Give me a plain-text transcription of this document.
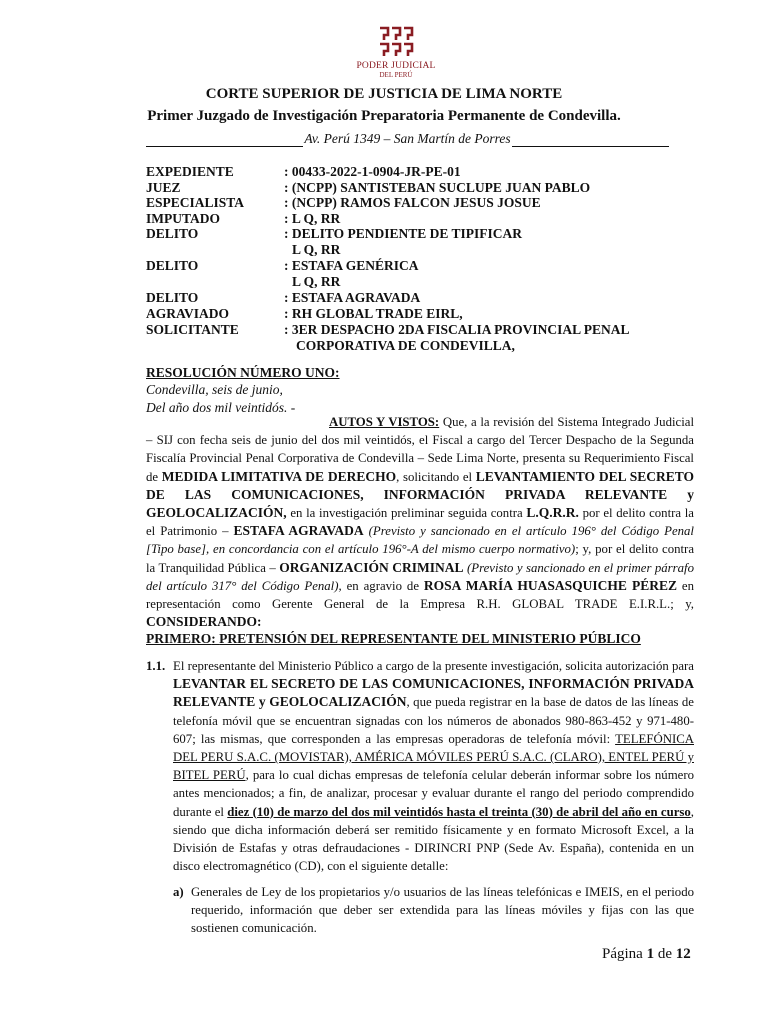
PODER JUDICIAL
DEL PERÚ
CORTE SUPERIOR DE JUSTICIA DE LIMA NORTE
Primer Juzgado de Investigación Preparatoria Permanente de Condevilla.
Av. Perú 1349 – San Martín de Porres
EXPEDIENTE	: 00433-2022-1-0904-JR-PE-01
JUEZ	: (NCPP) SANTISTEBAN SUCLUPE JUAN PABLO
ESPECIALISTA	: (NCPP) RAMOS FALCON JESUS JOSUE
IMPUTADO	: L Q, RR
DELITO	: DELITO PENDIENTE DE TIPIFICAR
L Q, RR
DELITO	: ESTAFA GENÉRICA
L Q, RR
DELITO	: ESTAFA AGRAVADA
AGRAVIADO	: RH GLOBAL TRADE EIRL,
SOLICITANTE	: 3ER DESPACHO 2DA FISCALIA PROVINCIAL PENAL
CORPORATIVA DE CONDEVILLA,
RESOLUCIÓN NÚMERO UNO:
Condevilla, seis de junio,
Del año dos mil veintidós. -

AUTOS Y VISTOS: Que, a la revisión del Sistema Integrado Judicial – SIJ con fecha seis de junio del dos mil veintidós, el Fiscal a cargo del Tercer Despacho de la Segunda Fiscalía Provincial Penal Corporativa de Condevilla – Sede Lima Norte, presenta su Requerimiento Fiscal de MEDIDA LIMITATIVA DE DERECHO, solicitando el LEVANTAMIENTO DEL SECRETO DE LAS COMUNICACIONES, INFORMACIÓN PRIVADA RELEVANTE y GEOLOCALIZACIÓN, en la investigación preliminar seguida contra L.Q.R.R. por el delito contra la el Patrimonio – ESTAFA AGRAVADA (Previsto y sancionado en el artículo 196° del Código Penal [Tipo base], en concordancia con el artículo 196°-A del mismo cuerpo normativo); y, por el delito contra la Tranquilidad Pública – ORGANIZACIÓN CRIMINAL (Previsto y sancionado en el primer párrafo del artículo 317° del Código Penal), en agravio de ROSA MARÍA HUASASQUICHE PÉREZ en representación como Gerente General de la Empresa R.H. GLOBAL TRADE E.I.R.L.; y, CONSIDERANDO:

PRIMERO: PRETENSIÓN DEL REPRESENTANTE DEL MINISTERIO PÚBLICO
1.1. El representante del Ministerio Público a cargo de la presente investigación, solicita autorización para LEVANTAR EL SECRETO DE LAS COMUNICACIONES, INFORMACIÓN PRIVADA RELEVANTE y GEOLOCALIZACIÓN, que pueda registrar en la base de datos de las líneas de telefonía móvil que se encuentran signadas con los números de abonados 980-863-452 y 971-480-607; las mismas, que corresponden a las empresas operadoras de telefonía móvil: TELEFÓNICA DEL PERU S.A.C. (MOVISTAR), AMÉRICA MÓVILES PERÚ S.A.C. (CLARO), ENTEL PERÚ y BITEL PERÚ, para lo cual dichas empresas de telefonía celular deberán informar sobre los número antes mencionados; a fin, de analizar, procesar y evaluar durante el rango del periodo comprendido durante el diez (10) de marzo del dos mil veintidós hasta el treinta (30) de abril del año en curso, siendo que dicha información deberá ser remitido físicamente y en formato Microsoft Excel, a la División de Estafas y otras defraudaciones - DIRINCRI PNP (Sede Av. España), contenida en un disco electromagnético (CD), con el siguiente detalle:
a) Generales de Ley de los propietarios y/o usuarios de las líneas telefónicas e IMEIS, en el periodo requerido, información que deber ser extendida para las líneas móviles y fijas con las que sostienen comunicación.
Página 1 de 12
